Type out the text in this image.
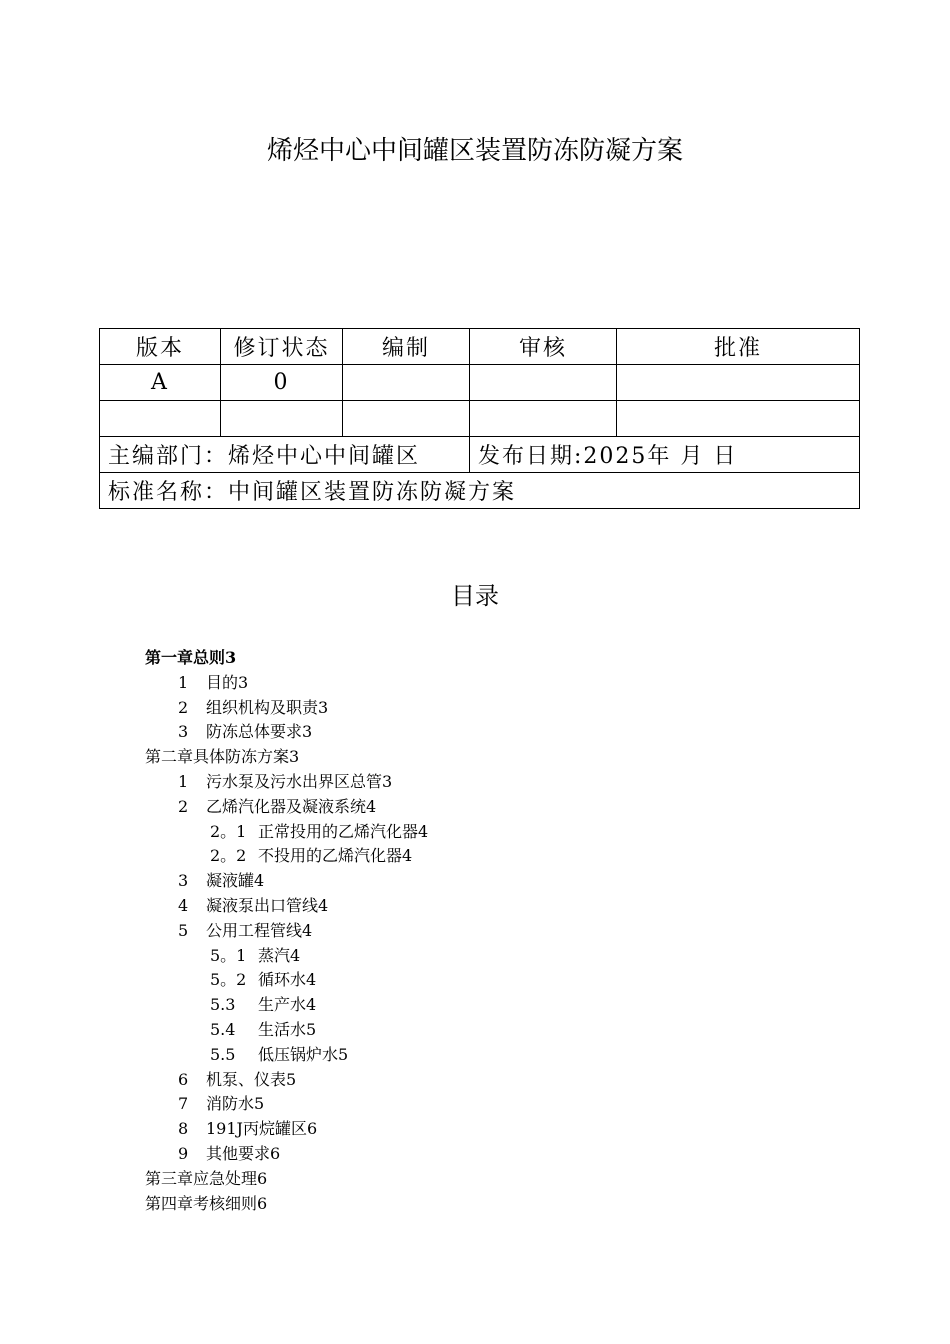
烯烃中心中间罐区装置防冻防凝方案
版本	修订状态	编制	审核	批准
A	0			

主编部门：烯烃中心中间罐区			发布日期:2025年 月 日	
标准名称：中间罐区装置防冻防凝方案				
目录
第一章总则3
1 目的3
2 组织机构及职责3
3 防冻总体要求3
第二章具体防冻方案3
1 污水泵及污水出界区总管3
2 乙烯汽化器及凝液系统4
2。1 正常投用的乙烯汽化器4
2。2 不投用的乙烯汽化器4
3 凝液罐4
4 凝液泵出口管线4
5 公用工程管线4
5。1 蒸汽4
5。2 循环水4
5.3 生产水4
5.4 生活水5
5.5 低压锅炉水5
6 机泵、仪表5
7 消防水5
8 191J丙烷罐区6
9 其他要求6
第三章应急处理6
第四章考核细则6
